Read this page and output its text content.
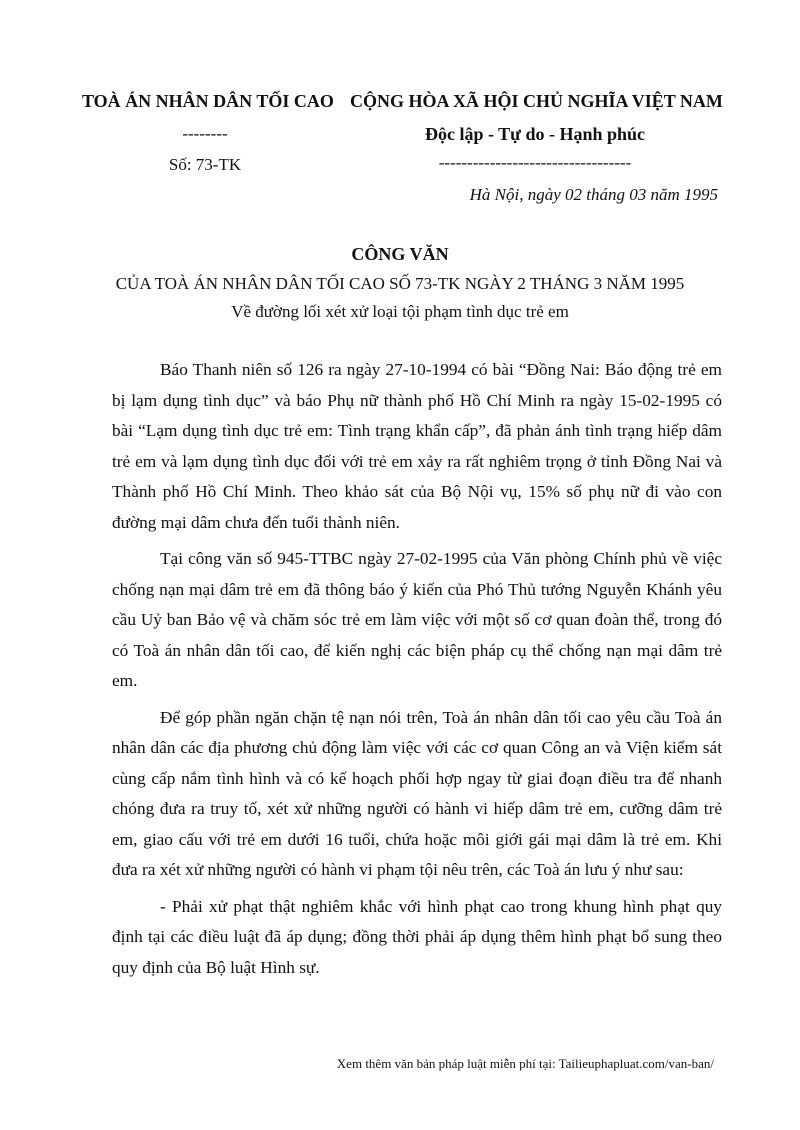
TOÀ ÁN NHÂN DÂN TỐI CAO
--------
Số: 73-TK
CỘNG HÒA XÃ HỘI CHỦ NGHĨA VIỆT NAM
Độc lập - Tự do - Hạnh phúc
----------------------------------
Hà Nội, ngày 02 tháng 03 năm 1995
CÔNG VĂN
CỦA TOÀ ÁN NHÂN DÂN TỐI CAO SỐ 73-TK NGÀY 2 THÁNG 3 NĂM 1995
Về đường lối xét xử loại tội phạm tình dục trẻ em

Báo Thanh niên số 126 ra ngày 27-10-1994 có bài “Đồng Nai: Báo động trẻ em bị lạm dụng tình dục” và báo Phụ nữ thành phố Hồ Chí Minh ra ngày 15-02-1995 có bài “Lạm dụng tình dục trẻ em: Tình trạng khẩn cấp”, đã phản ánh tình trạng hiếp dâm trẻ em và lạm dụng tình dục đối với trẻ em xảy ra rất nghiêm trọng ở tỉnh Đồng Nai và Thành phố Hồ Chí Minh. Theo khảo sát của Bộ Nội vụ, 15% số phụ nữ đi vào con đường mại dâm chưa đến tuổi thành niên.

Tại công văn số 945-TTBC ngày 27-02-1995 của Văn phòng Chính phủ về việc chống nạn mại dâm trẻ em đã thông báo ý kiến của Phó Thủ tướng Nguyễn Khánh yêu cầu Uỷ ban Bảo vệ và chăm sóc trẻ em làm việc với một số cơ quan đoàn thể, trong đó có Toà án nhân dân tối cao, để kiến nghị các biện pháp cụ thể chống nạn mại dâm trẻ em.

Để góp phần ngăn chặn tệ nạn nói trên, Toà án nhân dân tối cao yêu cầu Toà án nhân dân các địa phương chủ động làm việc với các cơ quan Công an và Viện kiểm sát cùng cấp nắm tình hình và có kế hoạch phối hợp ngay từ giai đoạn điều tra để nhanh chóng đưa ra truy tố, xét xử những người có hành vi hiếp dâm trẻ em, cưỡng dâm trẻ em, giao cấu với trẻ em dưới 16 tuổi, chứa hoặc môi giới gái mại dâm là trẻ em. Khi đưa ra xét xử những người có hành vi phạm tội nêu trên, các Toà án lưu ý như sau:

- Phải xử phạt thật nghiêm khắc với hình phạt cao trong khung hình phạt quy định tại các điều luật đã áp dụng; đồng thời phải áp dụng thêm hình phạt bổ sung theo quy định của Bộ luật Hình sự.

Xem thêm văn bản pháp luật miễn phí tại: Tailieuphapluat.com/van-ban/
